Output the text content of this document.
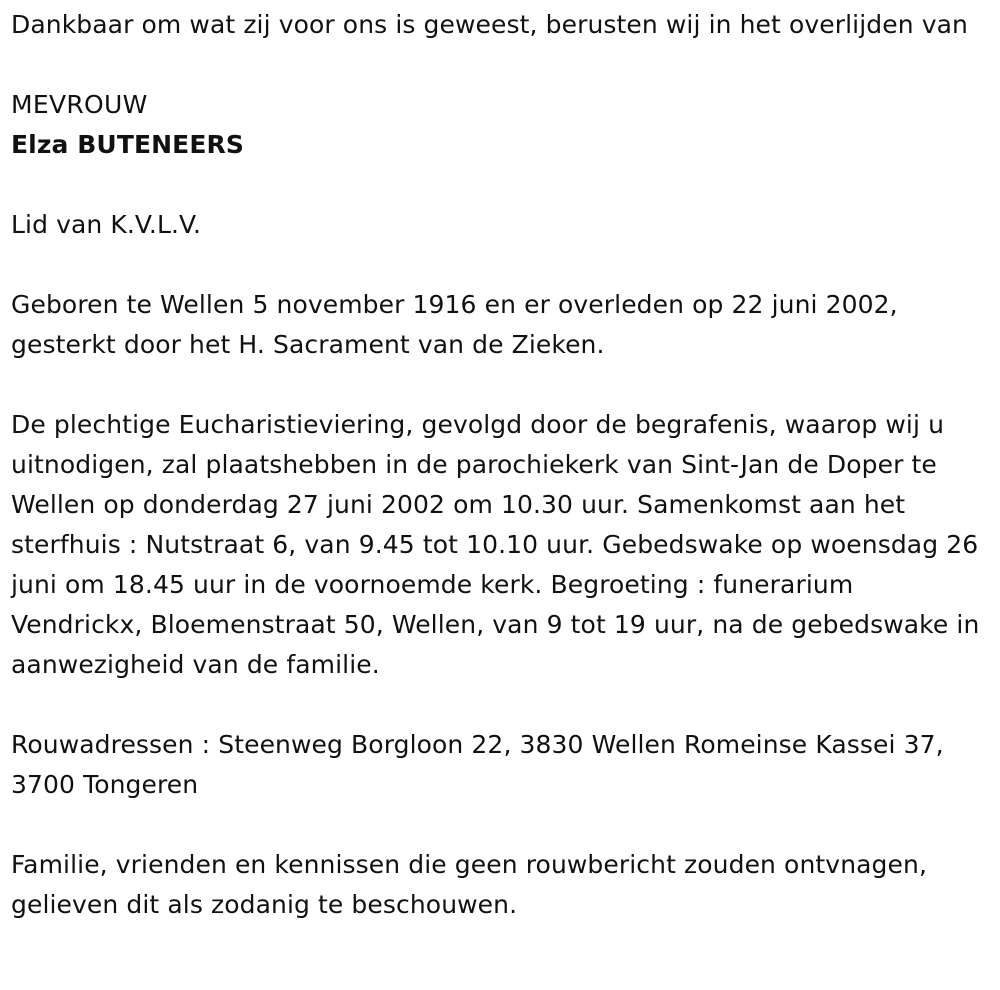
Dankbaar om wat zij voor ons is geweest, berusten wij in het overlijden van

MEVROUW

Elza BUTENEERS

Lid van K.V.L.V.

Geboren te Wellen 5 november 1916 en er overleden op 22 juni 2002, gesterkt door het H. Sacrament van de Zieken.

De plechtige Eucharistieviering, gevolgd door de begrafenis, waarop wij u uitnodigen, zal plaatshebben in de parochiekerk van Sint-Jan de Doper te Wellen op donderdag 27 juni 2002 om 10.30 uur. Samenkomst aan het sterfhuis : Nutstraat 6, van 9.45 tot 10.10 uur. Gebedswake op woensdag 26 juni om 18.45 uur in de voornoemde kerk. Begroeting : funerarium Vendrickx, Bloemenstraat 50, Wellen, van 9 tot 19 uur, na de gebedswake in aanwezigheid van de familie.

Rouwadressen : Steenweg Borgloon 22, 3830 Wellen Romeinse Kassei 37, 3700 Tongeren

Familie, vrienden en kennissen die geen rouwbericht zouden ontvnagen, gelieven dit als zodanig te beschouwen.
